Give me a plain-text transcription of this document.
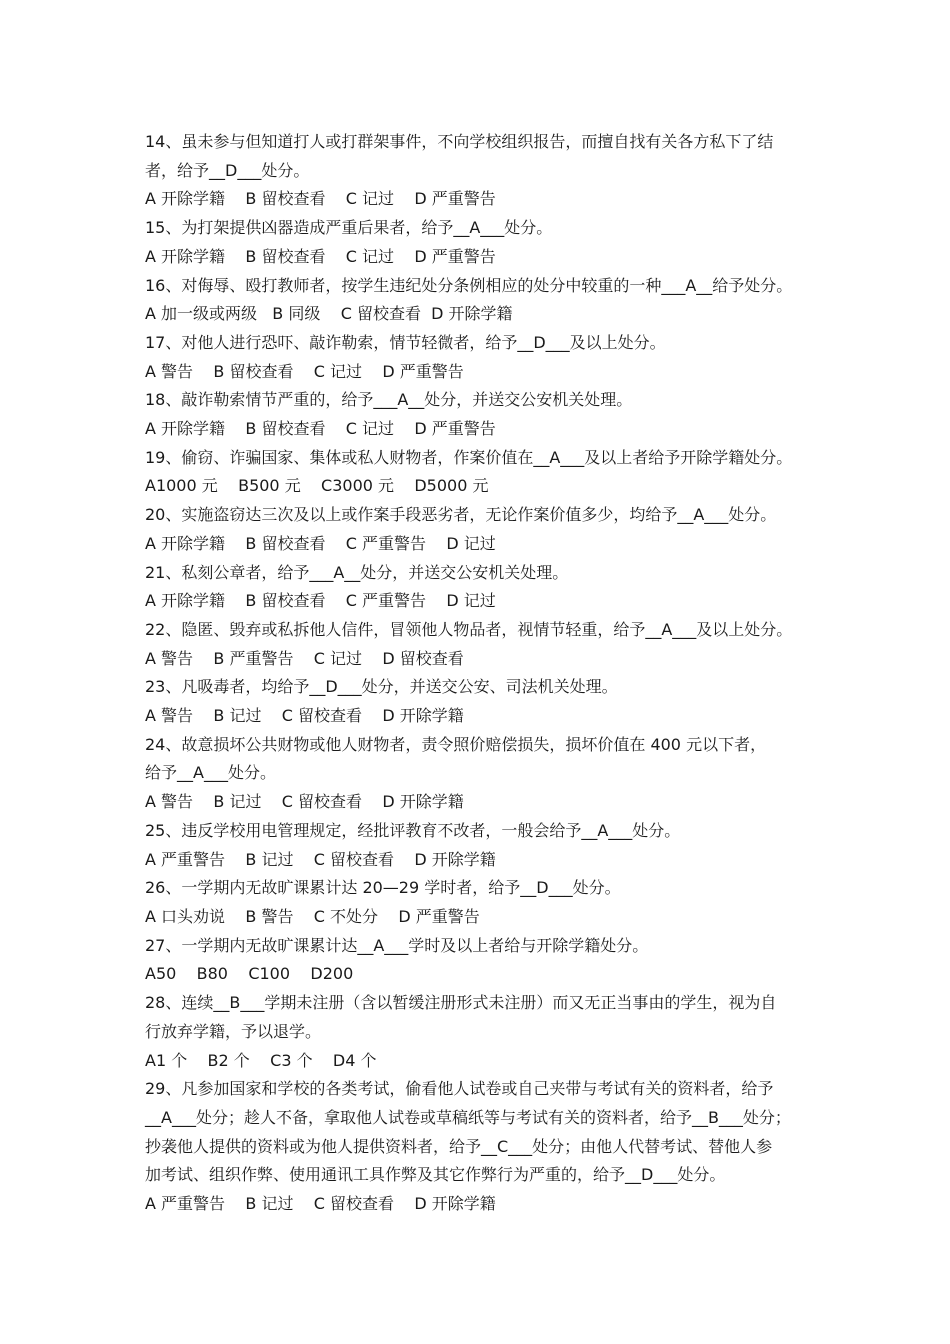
14、虽未参与但知道打人或打群架事件，不向学校组织报告，而擅自找有关各方私下了结
者，给予__D___处分。
A 开除学籍    B 留校查看    C 记过    D 严重警告
15、为打架提供凶器造成严重后果者，给予__A___处分。
A 开除学籍    B 留校查看    C 记过    D 严重警告
16、对侮辱、殴打教师者，按学生违纪处分条例相应的处分中较重的一种___A__给予处分。
A 加一级或两级   B 同级    C 留校查看  D 开除学籍
17、对他人进行恐吓、敲诈勒索，情节轻微者，给予__D___及以上处分。
A 警告    B 留校查看    C 记过    D 严重警告
18、敲诈勒索情节严重的，给予___A__处分，并送交公安机关处理。
A 开除学籍    B 留校查看    C 记过    D 严重警告
19、偷窃、诈骗国家、集体或私人财物者，作案价值在__A___及以上者给予开除学籍处分。
A1000 元    B500 元    C3000 元    D5000 元
20、实施盗窃达三次及以上或作案手段恶劣者，无论作案价值多少，均给予__A___处分。
A 开除学籍    B 留校查看    C 严重警告    D 记过
21、私刻公章者，给予___A__处分，并送交公安机关处理。
A 开除学籍    B 留校查看    C 严重警告    D 记过
22、隐匿、毁弃或私拆他人信件，冒领他人物品者，视情节轻重，给予__A___及以上处分。
A 警告    B 严重警告    C 记过    D 留校查看
23、凡吸毒者，均给予__D___处分，并送交公安、司法机关处理。
A 警告    B 记过    C 留校查看    D 开除学籍
24、故意损坏公共财物或他人财物者，责令照价赔偿损失，损坏价值在 400 元以下者，
给予__A___处分。
A 警告    B 记过    C 留校查看    D 开除学籍
25、违反学校用电管理规定，经批评教育不改者，一般会给予__A___处分。
A 严重警告    B 记过    C 留校查看    D 开除学籍
26、一学期内无故旷课累计达 20—29 学时者，给予__D___处分。
A 口头劝说    B 警告    C 不处分    D 严重警告
27、一学期内无故旷课累计达__A___学时及以上者给与开除学籍处分。
A50    B80    C100    D200
28、连续__B___学期未注册（含以暂缓注册形式未注册）而又无正当事由的学生，视为自
行放弃学籍，予以退学。
A1 个    B2 个    C3 个    D4 个
29、凡参加国家和学校的各类考试，偷看他人试卷或自己夹带与考试有关的资料者，给予
__A___处分；趁人不备，拿取他人试卷或草稿纸等与考试有关的资料者，给予__B___处分；
抄袭他人提供的资料或为他人提供资料者，给予__C___处分；由他人代替考试、替他人参
加考试、组织作弊、使用通讯工具作弊及其它作弊行为严重的，给予__D___处分。
A 严重警告    B 记过    C 留校查看    D 开除学籍
